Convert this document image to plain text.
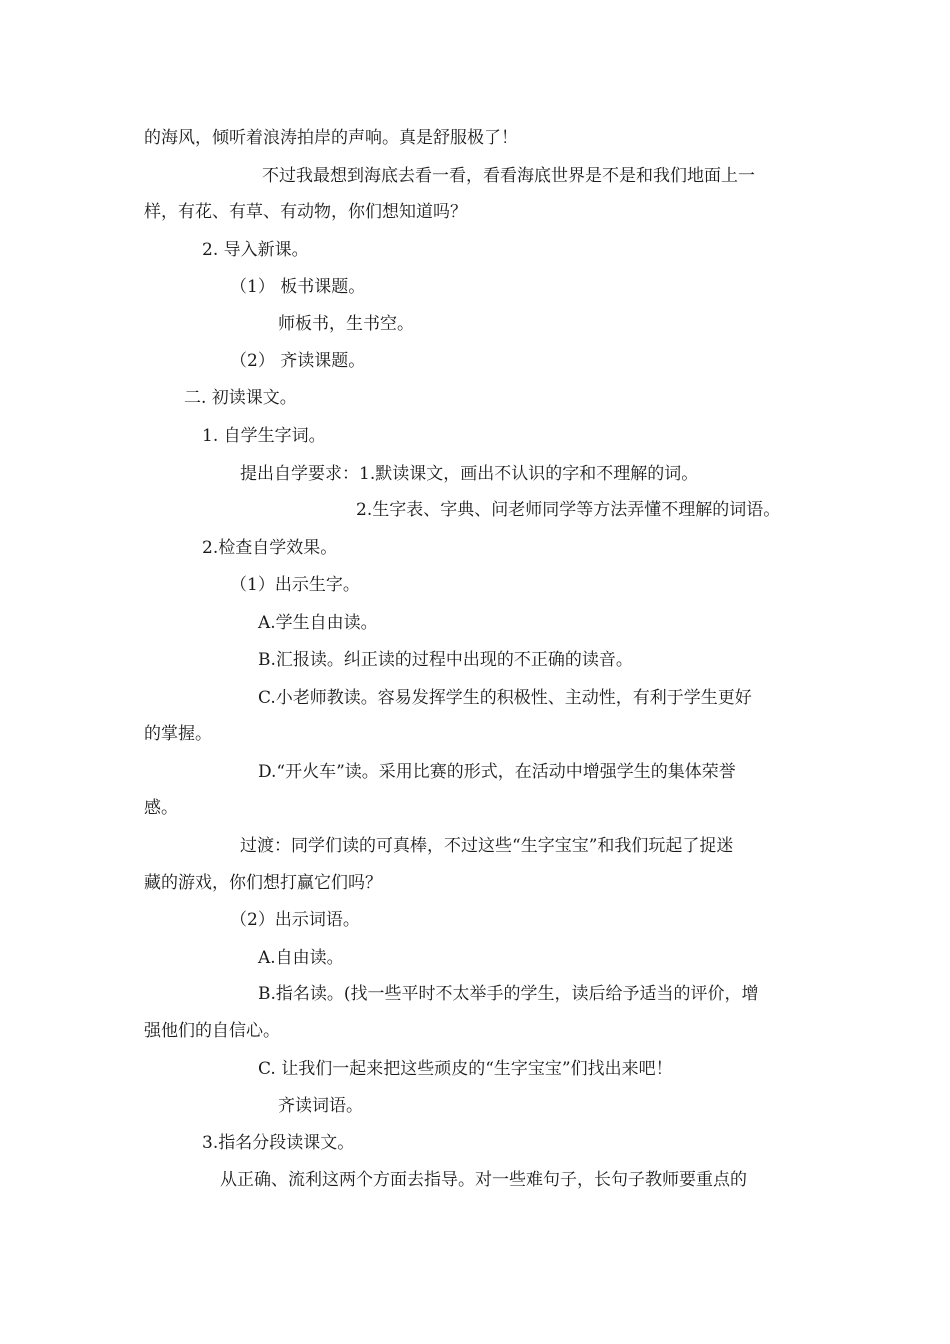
的海风，倾听着浪涛拍岸的声响。真是舒服极了！
不过我最想到海底去看一看，看看海底世界是不是和我们地面上一
样，有花、有草、有动物，你们想知道吗？
2. 导入新课。
（1） 板书课题。
师板书，生书空。
（2） 齐读课题。
二. 初读课文。
1. 自学生字词。
提出自学要求：1.默读课文，画出不认识的字和不理解的词。
2.生字表、字典、问老师同学等方法弄懂不理解的词语。
2.检查自学效果。
（1）出示生字。
A.学生自由读。
B.汇报读。纠正读的过程中出现的不正确的读音。
C.小老师教读。容易发挥学生的积极性、主动性，有利于学生更好
的掌握。
D.“开火车”读。采用比赛的形式，在活动中增强学生的集体荣誉
感。
过渡：同学们读的可真棒，不过这些“生字宝宝”和我们玩起了捉迷
藏的游戏，你们想打赢它们吗？
（2）出示词语。
A.自由读。
B.指名读。(找一些平时不太举手的学生，读后给予适当的评价，增
强他们的自信心。
C. 让我们一起来把这些顽皮的“生字宝宝”们找出来吧！
齐读词语。
3.指名分段读课文。
从正确、流利这两个方面去指导。对一些难句子，长句子教师要重点的
